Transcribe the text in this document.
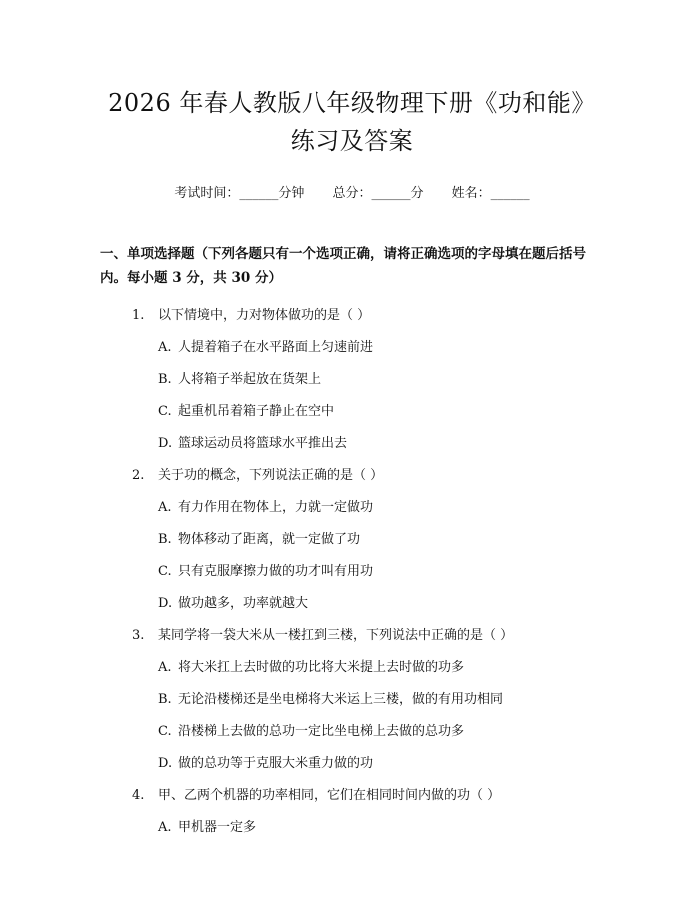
2026 年春人教版八年级物理下册《功和能》
练习及答案
考试时间：______分钟 总分：______分 姓名：______
一、单项选择题（下列各题只有一个选项正确，请将正确选项的字母填在题后括号内。每小题 3 分，共 30 分）
1.	以下情境中，力对物体做功的是（ ）
A. 人提着箱子在水平路面上匀速前进
B. 人将箱子举起放在货架上
C. 起重机吊着箱子静止在空中
D. 篮球运动员将篮球水平推出去
2.	关于功的概念，下列说法正确的是（ ）
A. 有力作用在物体上，力就一定做功
B. 物体移动了距离，就一定做了功
C. 只有克服摩擦力做的功才叫有用功
D. 做功越多，功率就越大
3.	某同学将一袋大米从一楼扛到三楼，下列说法中正确的是（ ）
A. 将大米扛上去时做的功比将大米提上去时做的功多
B. 无论沿楼梯还是坐电梯将大米运上三楼，做的有用功相同
C. 沿楼梯上去做的总功一定比坐电梯上去做的总功多
D. 做的总功等于克服大米重力做的功
4.	甲、乙两个机器的功率相同，它们在相同时间内做的功（ ）
A. 甲机器一定多
